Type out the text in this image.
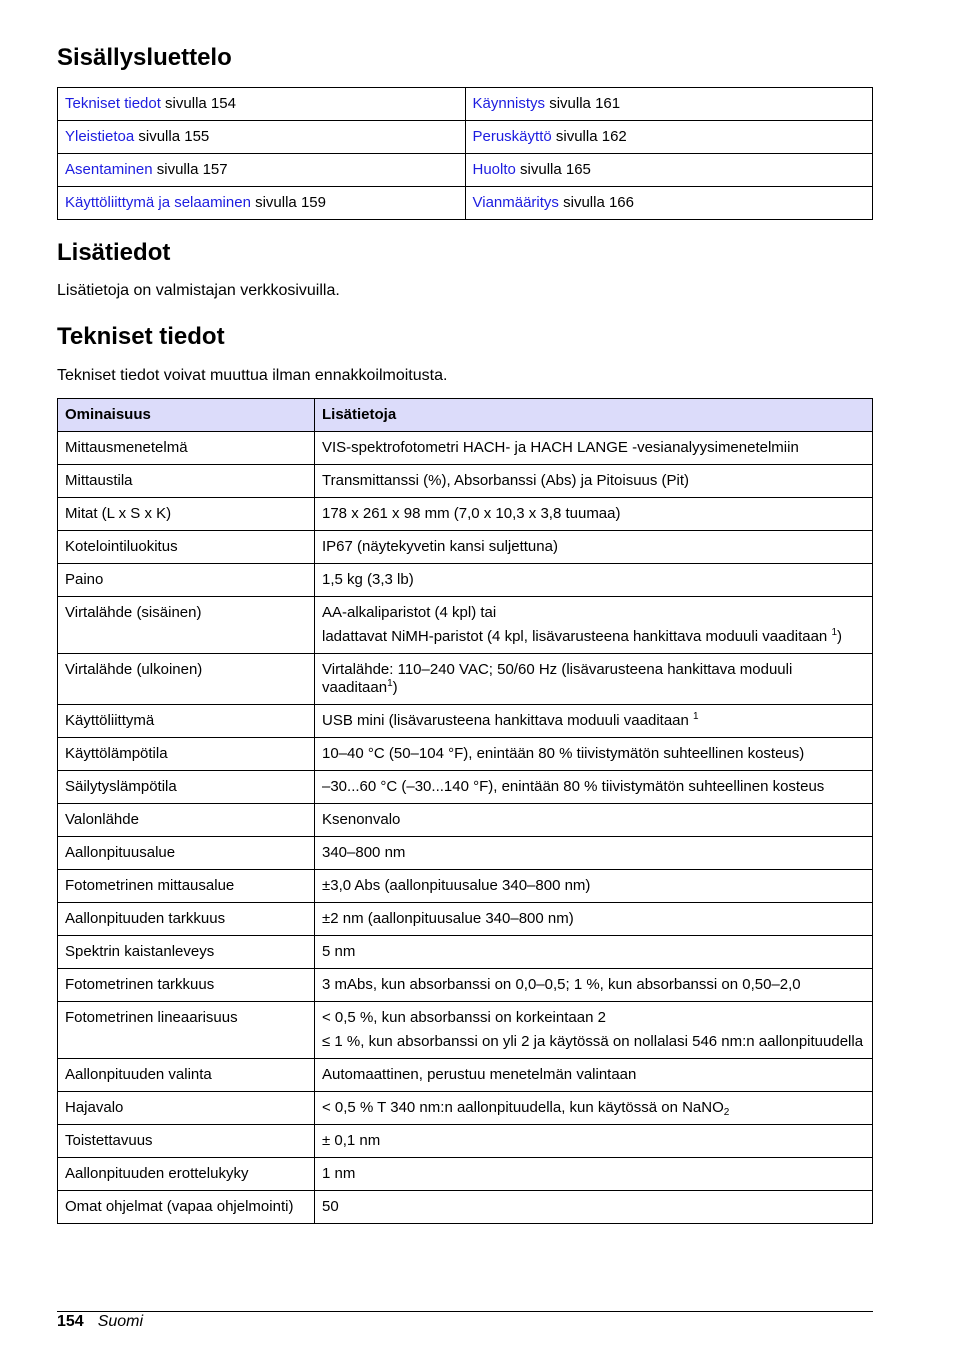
Sisällysluettelo
Tekniset tiedot sivulla 154	Käynnistys sivulla 161
Yleistietoa sivulla 155	Peruskäyttö sivulla 162
Asentaminen sivulla 157	Huolto sivulla 165
Käyttöliittymä ja selaaminen sivulla 159	Vianmääritys sivulla 166
Lisätiedot

Lisätietoja on valmistajan verkkosivuilla.

Tekniset tiedot

Tekniset tiedot voivat muuttua ilman ennakkoilmoitusta.

Ominaisuus	Lisätietoja
Mittausmenetelmä	VIS-spektrofotometri HACH- ja HACH LANGE -vesianalyysimenetelmiin

Mittaustila	Transmittanssi (%), Absorbanssi (Abs) ja Pitoisuus (Pit)

Mitat (L x S x K)	178 x 261 x 98 mm (7,0 x 10,3 x 3,8 tuumaa)

Kotelointiluokitus	IP67 (näytekyvetin kansi suljettuna)

Paino	1,5 kg (3,3 lb)

Virtalähde (sisäinen)	AA-alkaliparistot (4 kpl) tai
ladattavat NiMH-paristot (4 kpl, lisävarusteena hankittava moduuli vaaditaan $^1$)

Virtalähde (ulkoinen)	Virtalähde: 110–240 VAC; 50/60 Hz (lisävarusteena hankittava moduuli vaaditaan$^1$)

Käyttöliittymä	USB mini (lisävarusteena hankittava moduuli vaaditaan $^1$

Käyttölämpötila	10–40 °C (50–104 °F), enintään 80 % tiivistymätön suhteellinen kosteus)

Säilytyslämpötila	–30...60 °C (–30...140 °F), enintään 80 % tiivistymätön suhteellinen kosteus

Valonlähde	Ksenonvalo

Aallonpituusalue	340–800 nm

Fotometrinen mittausalue	±3,0 Abs (aallonpituusalue 340–800 nm)

Aallonpituuden tarkkuus	±2 nm (aallonpituusalue 340–800 nm)

Spektrin kaistanleveys	5 nm

Fotometrinen tarkkuus	3 mAbs, kun absorbanssi on 0,0–0,5; 1 %, kun absorbanssi on 0,50–2,0

Fotometrinen lineaarisuus	< 0,5 %, kun absorbanssi on korkeintaan 2
≤ 1 %, kun absorbanssi on yli 2 ja käytössä on nollalasi 546 nm:n aallonpituudella

Aallonpituuden valinta	Automaattinen, perustuu menetelmän valintaan

Hajavalo	< 0,5 % T 340 nm:n aallonpituudella, kun käytössä on NaNO$_2$

Toistettavuus	± 0,1 nm

Aallonpituuden erottelukyky	1 nm

Omat ohjelmat (vapaa ohjelmointi)	50
154 Suomi
